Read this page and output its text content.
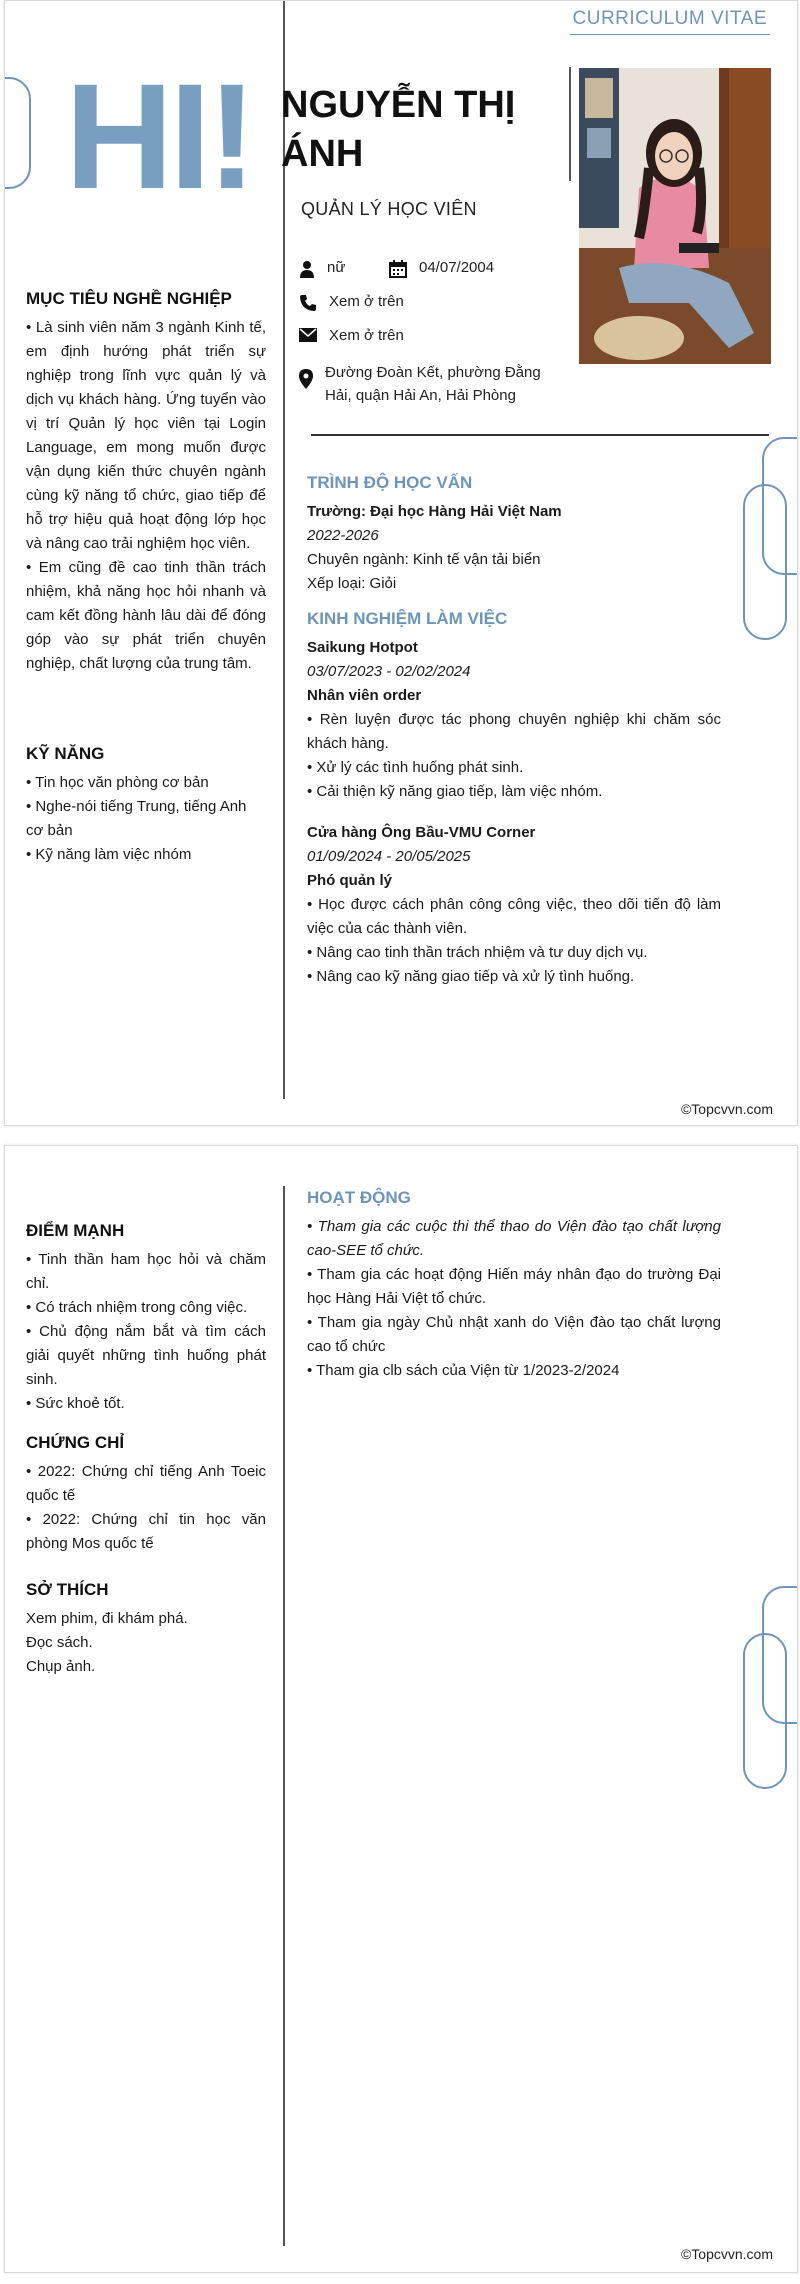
CURRICULUM VITAE
HI! NGUYỄN THỊ ÁNH
QUẢN LÝ HỌC VIÊN
nữ	04/07/2004
Xem ở trên
Xem ở trên
Đường Đoàn Kết, phường Đằng Hải, quận Hải An, Hải Phòng
MỤC TIÊU NGHỀ NGHIỆP

• Là sinh viên năm 3 ngành Kinh tế, em định hướng phát triển sự nghiệp trong lĩnh vực quản lý và dịch vụ khách hàng. Ứng tuyển vào vị trí Quản lý học viên tại Login Language, em mong muốn được vận dụng kiến thức chuyên ngành cùng kỹ năng tổ chức, giao tiếp để hỗ trợ hiệu quả hoạt động lớp học và nâng cao trải nghiệm học viên.

• Em cũng đề cao tinh thần trách nhiệm, khả năng học hỏi nhanh và cam kết đồng hành lâu dài để đóng góp vào sự phát triển chuyên nghiệp, chất lượng của trung tâm.

KỸ NĂNG
• Tin học văn phòng cơ bản
• Nghe-nói tiếng Trung, tiếng Anh cơ bản
• Kỹ năng làm việc nhóm
TRÌNH ĐỘ HỌC VẤN
Trường: Đại học Hàng Hải Việt Nam
2022-2026
Chuyên ngành: Kinh tế vận tải biển
Xếp loại: Giỏi
KINH NGHIỆM LÀM VIỆC
Saikung Hotpot
03/07/2023 - 02/02/2024
Nhân viên order
• Rèn luyện được tác phong chuyên nghiệp khi chăm sóc khách hàng.
• Xử lý các tình huống phát sinh.
• Cải thiện kỹ năng giao tiếp, làm việc nhóm.
Cửa hàng Ông Bầu-VMU Corner
01/09/2024 - 20/05/2025
Phó quản lý
• Học được cách phân công công việc, theo dõi tiến độ làm việc của các thành viên.
• Nâng cao tinh thần trách nhiệm và tư duy dịch vụ.
• Nâng cao kỹ năng giao tiếp và xử lý tình huống.
©Topcvvn.com
ĐIỂM MẠNH
• Tinh thần ham học hỏi và chăm chỉ.
• Có trách nhiệm trong công việc.
• Chủ động nắm bắt và tìm cách giải quyết những tình huống phát sinh.
• Sức khoẻ tốt.
CHỨNG CHỈ
• 2022: Chứng chỉ tiếng Anh Toeic quốc tế
• 2022: Chứng chỉ tin học văn phòng Mos quốc tế
SỞ THÍCH
Xem phim, đi khám phá.
Đọc sách.
Chụp ảnh.
HOẠT ĐỘNG
• Tham gia các cuộc thi thể thao do Viện đào tạo chất lượng cao-SEE tổ chức.
• Tham gia các hoạt động Hiến máy nhân đạo do trường Đại học Hàng Hải Việt tổ chức.
• Tham gia ngày Chủ nhật xanh do Viện đào tạo chất lượng cao tổ chức
• Tham gia clb sách của Viện từ 1/2023-2/2024
©Topcvvn.com
